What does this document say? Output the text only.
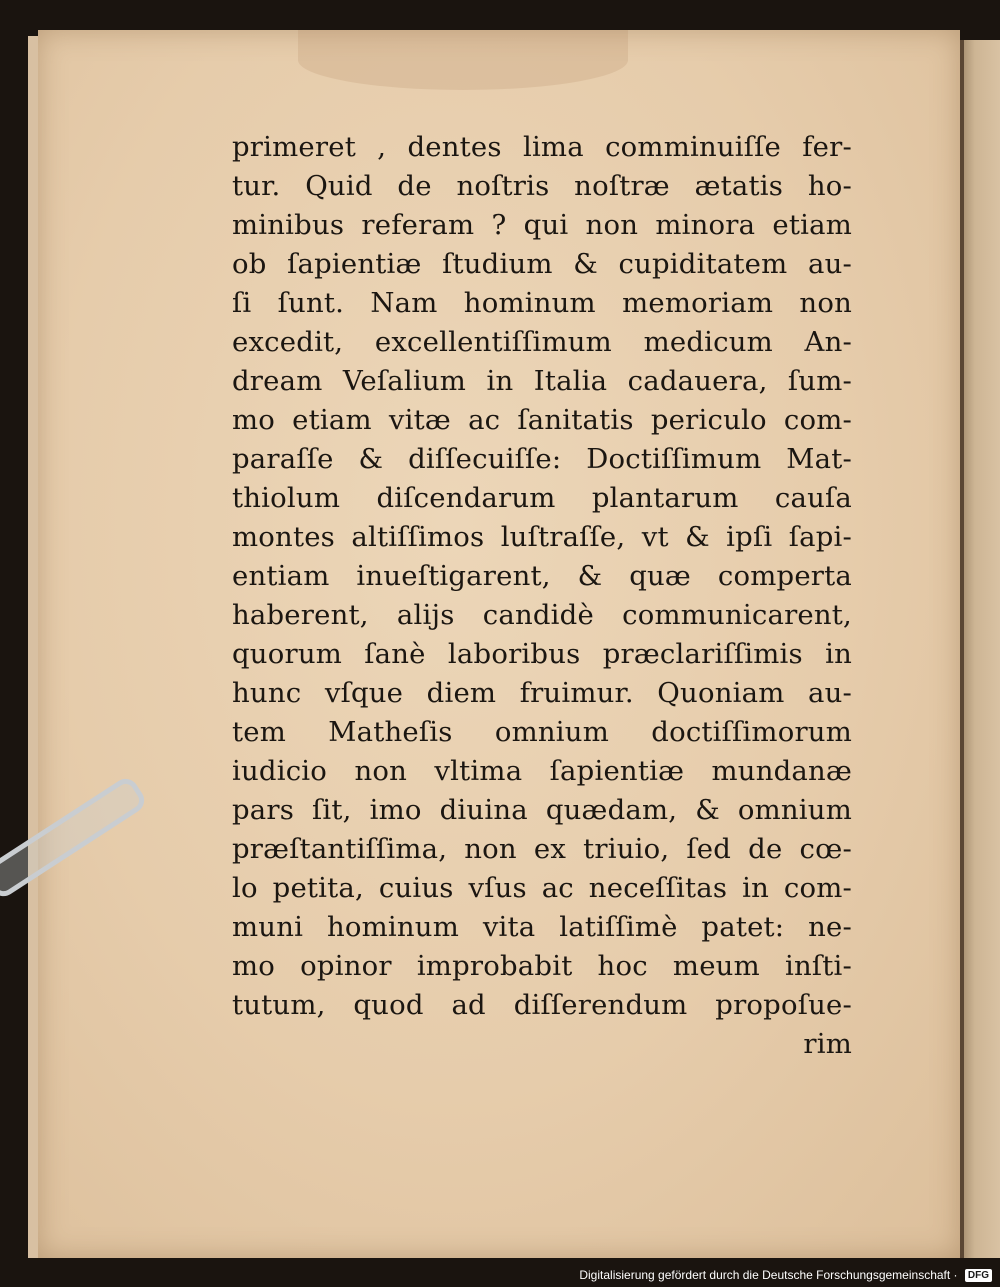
primeret , dentes lima comminuiſſe fer-
tur. Quid de noſtris noſtræ ætatis ho-
minibus referam ? qui non minora etiam
ob ſapientiæ ſtudium & cupiditatem au-
ſi ſunt. Nam hominum memoriam non
excedit, excellentiſſimum medicum An-
dream Veſalium in Italia cadauera, ſum-
mo etiam vitæ ac ſanitatis periculo com-
paraſſe & diſſecuiſſe: Doctiſſimum Mat-
thiolum diſcendarum plantarum cauſa
montes altiſſimos luſtraſſe, vt & ipſi ſapi-
entiam inueſtigarent, & quæ comperta
haberent, alijs candidè communicarent,
quorum ſanè laboribus præclariſſimis in
hunc vſque diem fruimur. Quoniam au-
tem Matheſis omnium doctiſſimorum
iudicio non vltima ſapientiæ mundanæ
pars ſit, imo diuina quædam, & omnium
præſtantiſſima, non ex triuio, ſed de cœ-
lo petita, cuius vſus ac neceſſitas in com-
muni hominum vita latiſſimè patet: ne-
mo opinor improbabit hoc meum inſti-
tutum, quod ad diſſerendum propoſue-
rim
Digitalisierung gefördert durch die Deutsche Forschungsgemeinschaft · DFG
